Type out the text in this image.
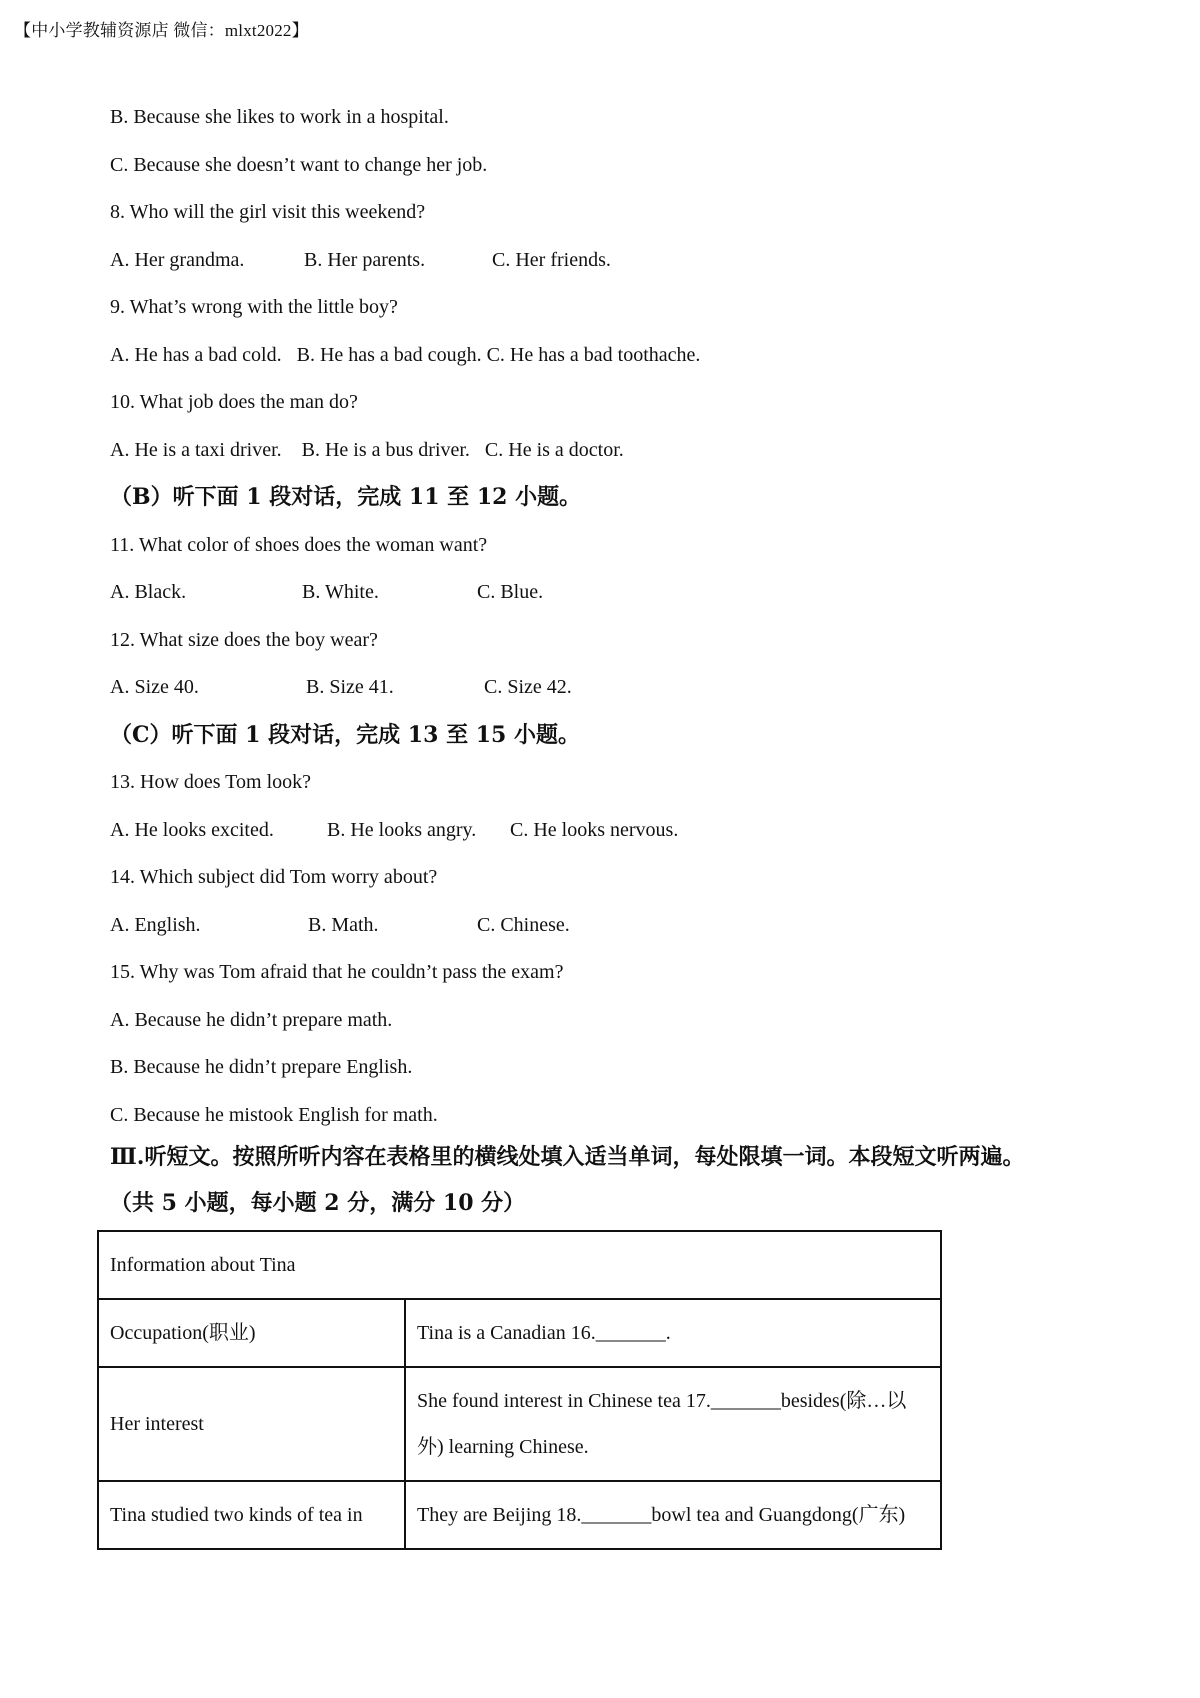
【中小学教辅资源店 微信：mlxt2022】
B. Because she likes to work in a hospital.
C. Because she doesn’t want to change her job.
8. Who will the girl visit this weekend?
A. Her grandma.	B. Her parents.	C. Her friends.
9. What’s wrong with the little boy?
A. He has a bad cold.   B. He has a bad cough. C. He has a bad toothache.
10. What job does the man do?
A. He is a taxi driver.    B. He is a bus driver.   C. He is a doctor.
（B）听下面 1 段对话，完成 11 至 12 小题。
11. What color of shoes does the woman want?
A. Black.	B. White.	C. Blue.
12. What size does the boy wear?
A. Size 40.	B. Size 41.	C. Size 42.
（C）听下面 1 段对话，完成 13 至 15 小题。
13. How does Tom look?
A. He looks excited.	B. He looks angry. C. He looks nervous.
14. Which subject did Tom worry about?
A. English.	B. Math.	C. Chinese.
15. Why was Tom afraid that he couldn’t pass the exam?
A. Because he didn’t prepare math.
B. Because he didn’t prepare English.
C. Because he mistook English for math.
Ⅲ.听短文。按照所听内容在表格里的横线处填入适当单词，每处限填一词。本段短文听两遍。
（共 5 小题，每小题 2 分，满分 10 分）
Information about Tina	
Occupation(职业)	Tina is a Canadian 16._______.
Her interest	She found interest in Chinese tea 17._______besides(除…以外) learning Chinese.
Tina studied two kinds of tea in	They are Beijing 18._______bowl tea and Guangdong(广东)
